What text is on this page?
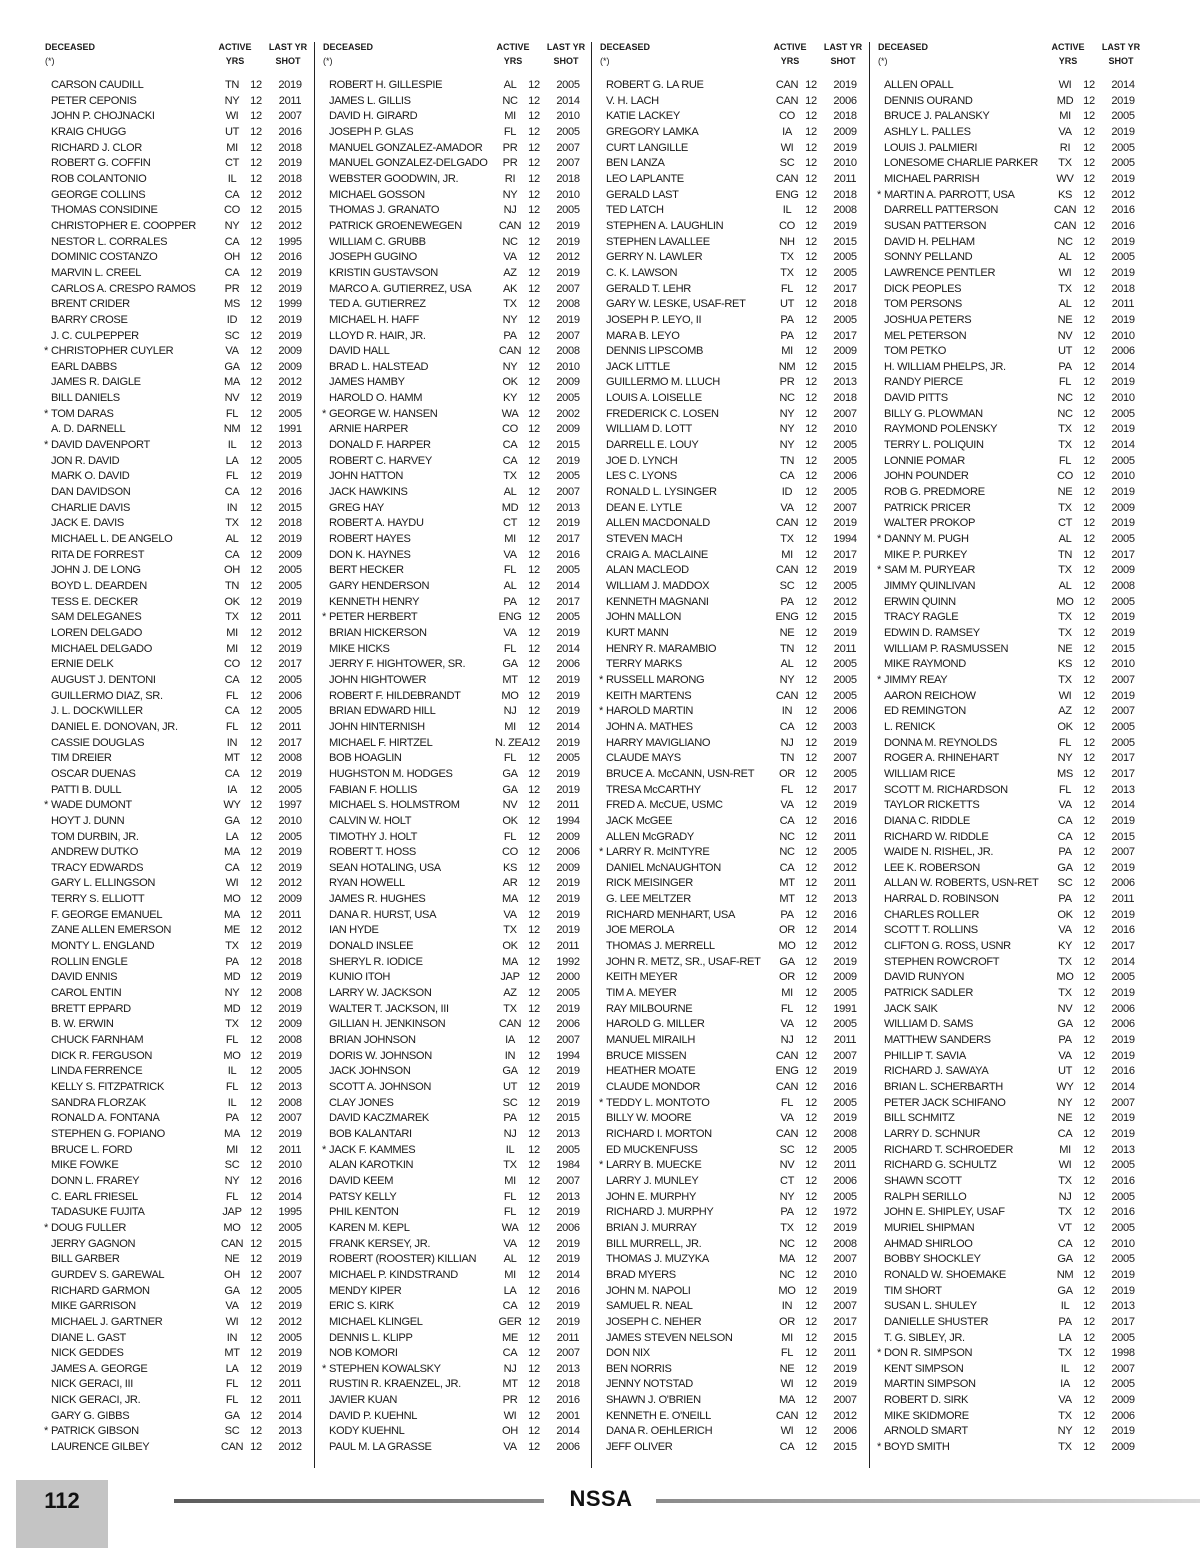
DECEASED
(*)
ACTIVE
YRS
LAST YR
SHOT
CARSON CAUDILL	TN	12	2019
PETER CEPONIS	NY 12	2011
JOHN P. CHOJNACKI	WI	12	2007
KRAIG CHUGG	UT	12	2016
RICHARD J. CLOR	MI	12	2018
ROBERT G. COFFIN	CT	12	2019
ROB COLANTONIO	IL	12	2018
GEORGE COLLINS	CA 12	2012
THOMAS CONSIDINE	CO 12	2015
CHRISTOPHER E. COOPPER	NY 12	2012
NESTOR L. CORRALES	CA 12	1995
DOMINIC COSTANZO	OH 12	2016
MARVIN L. CREEL	CA 12	2019
CARLOS A. CRESPO RAMOS	PR 12	2019
BRENT CRIDER	MS 12	1999
BARRY CROSE	ID	12	2019
J. C. CULPEPPER	SC 12	2019
* CHRISTOPHER CUYLER	VA	12	2009
EARL DABBS	GA 12	2009
JAMES R. DAIGLE	MA 12	2012
BILL DANIELS	NV 12	2019
* TOM DARAS	FL	12	2005
A. D. DARNELL	NM 12	1991
* DAVID DAVENPORT	IL	12	2013
JON R. DAVID	LA	12	2005
MARK O. DAVID	FL	12	2019
DAN DAVIDSON	CA 12	2016
CHARLIE DAVIS	IN	12	2015
JACK E. DAVIS	TX	12	2018
MICHAEL L. DE ANGELO	AL	12	2019
RITA DE FORREST	CA 12	2009
JOHN J. DE LONG	OH 12	2005
BOYD L. DEARDEN	TN	12	2005
TESS E. DECKER	OK 12	2019
SAM DELEGANES	TX	12	2011
LOREN DELGADO	MI	12	2012
MICHAEL DELGADO	MI	12	2019
ERNIE DELK	CO 12	2017
AUGUST J. DENTONI	CA 12	2005
GUILLERMO DIAZ, SR.	FL	12	2006
J. L. DOCKWILLER	CA 12	2005
DANIEL E. DONOVAN, JR.	FL	12	2011
CASSIE DOUGLAS	IN	12	2017
TIM DREIER	MT 12	2008
OSCAR DUENAS	CA 12	2019
PATTI B. DULL	IA	12	2005
* WADE DUMONT	WY 12	1997
HOYT J. DUNN	GA 12	2010
TOM DURBIN, JR.	LA	12	2005
ANDREW DUTKO	MA 12	2019
TRACY EDWARDS	CA 12	2019
GARY L. ELLINGSON	WI	12	2012
TERRY S. ELLIOTT	MO 12	2009
F. GEORGE EMANUEL	MA 12	2011
ZANE ALLEN EMERSON	ME 12	2012
MONTY L. ENGLAND	TX	12	2019
ROLLIN ENGLE	PA	12	2018
DAVID ENNIS	MD 12	2019
CAROL ENTIN	NY 12	2008
BRETT EPPARD	MD 12	2019
B. W. ERWIN	TX	12	2009
CHUCK FARNHAM	FL	12	2008
DICK R. FERGUSON	MO 12	2019
LINDA FERRENCE	IL	12	2005
KELLY S. FITZPATRICK	FL	12	2013
SANDRA FLORZAK	IL	12	2008
RONALD A. FONTANA	PA	12	2007
STEPHEN G. FOPIANO	MA 12	2019
BRUCE L. FORD	MI	12	2011
MIKE FOWKE	SC 12	2010
DONN L. FRAREY	NY 12	2016
C. EARL FRIESEL	FL	12	2014
TADASUKE FUJITA	JAP 12	1995
* DOUG FULLER	MO 12	2005
JERRY GAGNON	CAN 12	2015
BILL GARBER	NE 12	2019
GURDEV S. GAREWAL	OH 12	2007
RICHARD GARMON	GA 12	2005
MIKE GARRISON	VA	12	2019
MICHAEL J. GARTNER	WI	12	2012
DIANE L. GAST	IN	12	2005
NICK GEDDES	MT 12	2019
JAMES A. GEORGE	LA	12	2019
NICK GERACI, III	FL	12	2011
NICK GERACI, JR.	FL	12	2011
GARY G. GIBBS	GA 12	2014
* PATRICK GIBSON	SC 12	2013
LAURENCE GILBEY	CAN 12	2012
DECEASED
(*)
ACTIVE
YRS
LAST YR
SHOT
ROBERT H. GILLESPIE	AL	12	2005
JAMES L. GILLIS	NC 12	2014
DAVID H. GIRARD	MI	12	2010
JOSEPH P. GLAS	FL	12	2005
MANUEL GONZALEZ-AMADOR	PR 12	2007
MANUEL GONZALEZ-DELGADO	PR 12	2007
WEBSTER GOODWIN, JR.	RI	12	2018
MICHAEL GOSSON	NY 12	2010
THOMAS J. GRANATO	NJ	12	2005
PATRICK GROENEWEGEN	CAN 12	2019
WILLIAM C. GRUBB	NC 12	2019
JOSEPH GUGINO	VA	12	2012
KRISTIN GUSTAVSON	AZ	12	2019
MARCO A. GUTIERREZ, USA	AK	12	2007
TED A. GUTIERREZ	TX	12	2008
MICHAEL H. HAFF	NY 12	2019
LLOYD R. HAIR, JR.	PA	12	2007
DAVID HALL	CAN 12	2008
BRAD L. HALSTEAD	NY 12	2010
JAMES HAMBY	OK 12	2009
HAROLD O. HAMM	KY	12	2005
* GEORGE W. HANSEN	WA 12	2002
ARNIE HARPER	CO 12	2009
DONALD F. HARPER	CA 12	2015
ROBERT C. HARVEY	CA 12	2019
JOHN HATTON	TX	12	2005
JACK HAWKINS	AL	12	2007
GREG HAY	MD 12	2013
ROBERT A. HAYDU	CT	12	2019
ROBERT HAYES	MI	12	2017
DON K. HAYNES	VA	12	2016
BERT HECKER	FL	12	2005
GARY HENDERSON	AL	12	2014
KENNETH HENRY	PA	12	2017
* PETER HERBERT	ENG 12	2005
BRIAN HICKERSON	VA	12	2019
MIKE HICKS	FL	12	2014
JERRY F. HIGHTOWER, SR.	GA 12	2006
JOHN HIGHTOWER	MT 12	2019
ROBERT F. HILDEBRANDT	MO 12	2019
BRIAN EDWARD HILL	NJ	12	2019
JOHN HINTERNISH	MI	12	2014
MICHAEL F. HIRTZEL	N. ZEA 12	2019
BOB HOAGLIN	FL	12	2005
HUGHSTON M. HODGES	GA 12	2019
FABIAN F. HOLLIS	GA 12	2019
MICHAEL S. HOLMSTROM	NV 12	2011
CALVIN W. HOLT	OK 12	1994
TIMOTHY J. HOLT	FL	12	2009
ROBERT T. HOSS	CO 12	2006
SEAN HOTALING, USA	KS	12	2009
RYAN HOWELL	AR 12	2019
JAMES R. HUGHES	MA 12	2019
DANA R. HURST, USA	VA	12	2019
IAN HYDE	TX	12	2019
DONALD INSLEE	OK 12	2011
SHERYL R. IODICE	MA 12	1992
KUNIO ITOH	JAP 12	2000
LARRY W. JACKSON	AZ	12	2005
WALTER T. JACKSON, III	TX	12	2019
GILLIAN H. JENKINSON	CAN 12	2006
BRIAN JOHNSON	IA	12	2007
DORIS W. JOHNSON	IN	12	1994
JACK JOHNSON	GA 12	2019
SCOTT A. JOHNSON	UT	12	2019
CLAY JONES	SC 12	2019
DAVID KACZMAREK	PA	12	2015
BOB KALANTARI	NJ	12	2013
* JACK F. KAMMES	IL	12	2005
ALAN KAROTKIN	TX	12	1984
DAVID KEEM	MI	12	2007
PATSY KELLY	FL	12	2013
PHIL KENTON	FL	12	2019
KAREN M. KEPL	WA 12	2006
FRANK KERSEY, JR.	VA	12	2019
ROBERT (ROOSTER) KILLIAN	AL	12	2019
MICHAEL P. KINDSTRAND	MI	12	2014
MENDY KIPER	LA	12	2016
ERIC S. KIRK	CA 12	2019
MICHAEL KLINGEL	GER 12	2019
DENNIS L. KLIPP	ME 12	2011
NOB KOMORI	CA 12	2007
* STEPHEN KOWALSKY	NJ	12	2013
RUSTIN R. KRAENZEL, JR.	MT 12	2018
JAVIER KUAN	PR 12	2016
DAVID P. KUEHNL	WI	12	2001
KODY KUEHNL	OH 12	2014
PAUL M. LA GRASSE	VA	12	2006
DECEASED
(*)
ACTIVE
YRS
LAST YR
SHOT
ROBERT G. LA RUE	CAN 12	2019
V. H. LACH	CAN 12	2006
KATIE LACKEY	CO 12	2018
GREGORY LAMKA	IA	12	2009
CURT LANGILLE	WI	12	2019
BEN LANZA	SC 12	2010
LEO LAPLANTE	CAN 12	2011
GERALD LAST	ENG 12	2018
TED LATCH	IL	12	2008
STEPHEN A. LAUGHLIN	CO 12	2019
STEPHEN LAVALLEE	NH 12	2015
GERRY N. LAWLER	TX	12	2005
C. K. LAWSON	TX	12	2005
GERALD T. LEHR	FL	12	2017
GARY W. LESKE, USAF-RET	UT	12	2018
JOSEPH P. LEYO, II	PA	12	2005
MARA B. LEYO	PA	12	2017
DENNIS LIPSCOMB	MI	12	2009
JACK LITTLE	NM 12	2015
GUILLERMO M. LLUCH	PR 12	2013
LOUIS A. LOISELLE	NC 12	2018
FREDERICK C. LOSEN	NY 12	2007
WILLIAM D. LOTT	NY 12	2010
DARRELL E. LOUY	NY 12	2005
JOE D. LYNCH	TN	12	2005
LES C. LYONS	CA 12	2006
RONALD L. LYSINGER	ID	12	2005
DEAN E. LYTLE	VA	12	2007
ALLEN MACDONALD	CAN 12	2019
STEVEN MACH	TX	12	1994
CRAIG A. MACLAINE	MI	12	2017
ALAN MACLEOD	CAN 12	2019
WILLIAM J. MADDOX	SC 12	2005
KENNETH MAGNANI	PA	12	2012
JOHN MALLON	ENG 12	2015
KURT MANN	NE 12	2019
HENRY R. MARAMBIO	TN	12	2011
TERRY MARKS	AL	12	2005
* RUSSELL MARONG	NY 12	2005
KEITH MARTENS	CAN 12	2005
* HAROLD MARTIN	IN	12	2006
JOHN A. MATHES	CA 12	2003
HARRY MAVIGLIANO	NJ	12	2019
CLAUDE MAYS	TN	12	2007
BRUCE A. McCANN, USN-RET	OR 12	2005
TRESA McCARTHY	FL	12	2017
FRED A. McCUE, USMC	VA	12	2019
JACK McGEE	CA 12	2016
ALLEN McGRADY	NC 12	2011
* LARRY R. McINTYRE	NC 12	2005
DANIEL McNAUGHTON	CA 12	2012
RICK MEISINGER	MT 12	2011
G. LEE MELTZER	MT 12	2013
RICHARD MENHART, USA	PA	12	2016
JOE MEROLA	OR 12	2014
THOMAS J. MERRELL	MO 12	2012
JOHN R. METZ, SR., USAF-RET	GA 12	2019
KEITH MEYER	OR 12	2009
TIM A. MEYER	MI	12	2005
RAY MILBOURNE	FL	12	1991
HAROLD G. MILLER	VA	12	2005
MANUEL MIRAILH	NJ	12	2011
BRUCE MISSEN	CAN 12	2007
HEATHER MOATE	ENG 12	2019
CLAUDE MONDOR	CAN 12	2016
* TEDDY L. MONTOTO	FL	12	2005
BILLY W. MOORE	VA	12	2019
RICHARD I. MORTON	CAN 12	2008
ED MUCKENFUSS	SC 12	2005
* LARRY B. MUECKE	NV 12	2011
LARRY J. MUNLEY	CT	12	2006
JOHN E. MURPHY	NY 12	2005
RICHARD J. MURPHY	PA	12	1972
BRIAN J. MURRAY	TX	12	2019
BILL MURRELL, JR.	NC 12	2008
THOMAS J. MUZYKA	MA 12	2007
BRAD MYERS	NC 12	2010
JOHN M. NAPOLI	MO 12	2019
SAMUEL R. NEAL	IN	12	2007
JOSEPH C. NEHER	OR 12	2017
JAMES STEVEN NELSON	MI	12	2015
DON NIX	FL	12	2011
BEN NORRIS	NE 12	2019
JENNY NOTSTAD	WI	12	2019
SHAWN J. O'BRIEN	MA 12	2007
KENNETH E. O'NEILL	CAN 12	2012
DANA R. OEHLERICH	WI	12	2006
JEFF OLIVER	CA 12	2015
DECEASED
(*)
ACTIVE
YRS
LAST YR
SHOT
ALLEN OPALL	WI	12	2014
DENNIS OURAND	MD 12	2019
BRUCE J. PALANSKY	MI	12	2005
ASHLY L. PALLES	VA	12	2019
LOUIS J. PALMIERI	RI	12	2005
LONESOME CHARLIE PARKER	TX	12	2005
MICHAEL PARRISH	WV 12	2019
* MARTIN A. PARROTT, USA	KS	12	2012
DARRELL PATTERSON	CAN 12	2016
SUSAN PATTERSON	CAN 12	2016
DAVID H. PELHAM	NC 12	2019
SONNY PELLAND	AL	12	2005
LAWRENCE PENTLER	WI	12	2019
DICK PEOPLES	TX	12	2018
TOM PERSONS	AL	12	2011
JOSHUA PETERS	NE 12	2019
MEL PETERSON	NV 12	2010
TOM PETKO	UT	12	2006
H. WILLIAM PHELPS, JR.	PA	12	2014
RANDY PIERCE	FL	12	2019
DAVID PITTS	NC 12	2010
BILLY G. PLOWMAN	NC 12	2005
RAYMOND POLENSKY	TX	12	2019
TERRY L. POLIQUIN	TX	12	2014
LONNIE POMAR	FL	12	2005
JOHN POUNDER	CO 12	2010
ROB G. PREDMORE	NE 12	2019
PATRICK PRICER	TX	12	2009
WALTER PROKOP	CT	12	2019
* DANNY M. PUGH	AL	12	2005
MIKE P. PURKEY	TN	12	2017
* SAM M. PURYEAR	TX	12	2009
JIMMY QUINLIVAN	AL	12	2008
ERWIN QUINN	MO 12	2005
TRACY RAGLE	TX	12	2019
EDWIN D. RAMSEY	TX	12	2019
WILLIAM P. RASMUSSEN	NE 12	2015
MIKE RAYMOND	KS	12	2010
* JIMMY REAY	TX	12	2007
AARON REICHOW	WI	12	2019
ED REMINGTON	AZ	12	2007
L. RENICK	OK 12	2005
DONNA M. REYNOLDS	FL	12	2005
ROGER A. RHINEHART	NY 12	2017
WILLIAM RICE	MS 12	2017
SCOTT M. RICHARDSON	FL	12	2013
TAYLOR RICKETTS	VA	12	2014
DIANA C. RIDDLE	CA 12	2019
RICHARD W. RIDDLE	CA 12	2015
WAIDE N. RISHEL, JR.	PA	12	2007
LEE K. ROBERSON	GA 12	2019
ALLAN W. ROBERTS, USN-RET	SC 12	2006
HARRAL D. ROBINSON	PA	12	2011
CHARLES ROLLER	OK 12	2019
SCOTT T. ROLLINS	VA	12	2016
CLIFTON G. ROSS, USNR	KY	12	2017
STEPHEN ROWCROFT	TX	12	2014
DAVID RUNYON	MO 12	2005
PATRICK SADLER	TX	12	2019
JACK SAIK	NV 12	2006
WILLIAM D. SAMS	GA 12	2006
MATTHEW SANDERS	PA	12	2019
PHILLIP T. SAVIA	VA	12	2019
RICHARD J. SAWAYA	UT	12	2016
BRIAN L. SCHERBARTH	WY 12	2014
PETER JACK SCHIFANO	NY 12	2007
BILL SCHMITZ	NE 12	2019
LARRY D. SCHNUR	CA 12	2019
RICHARD T. SCHROEDER	MI	12	2013
RICHARD G. SCHULTZ	WI	12	2005
SHAWN SCOTT	TX	12	2016
RALPH SERILLO	NJ	12	2005
JOHN E. SHIPLEY, USAF	TX	12	2016
MURIEL SHIPMAN	VT	12	2005
AHMAD SHIRLOO	CA 12	2010
BOBBY SHOCKLEY	GA 12	2005
RONALD W. SHOEMAKE	NM 12	2019
TIM SHORT	GA 12	2019
SUSAN L. SHULEY	IL	12	2013
DANIELLE SHUSTER	PA	12	2017
T. G. SIBLEY, JR.	LA	12	2005
* DON R. SIMPSON	TX	12	1998
KENT SIMPSON	IL	12	2007
MARTIN SIMPSON	IA	12	2005
ROBERT D. SIRK	VA	12	2009
MIKE SKIDMORE	TX	12	2006
ARNOLD SMART	NY 12	2019
* BOYD SMITH	TX	12	2009
112	NSSA
